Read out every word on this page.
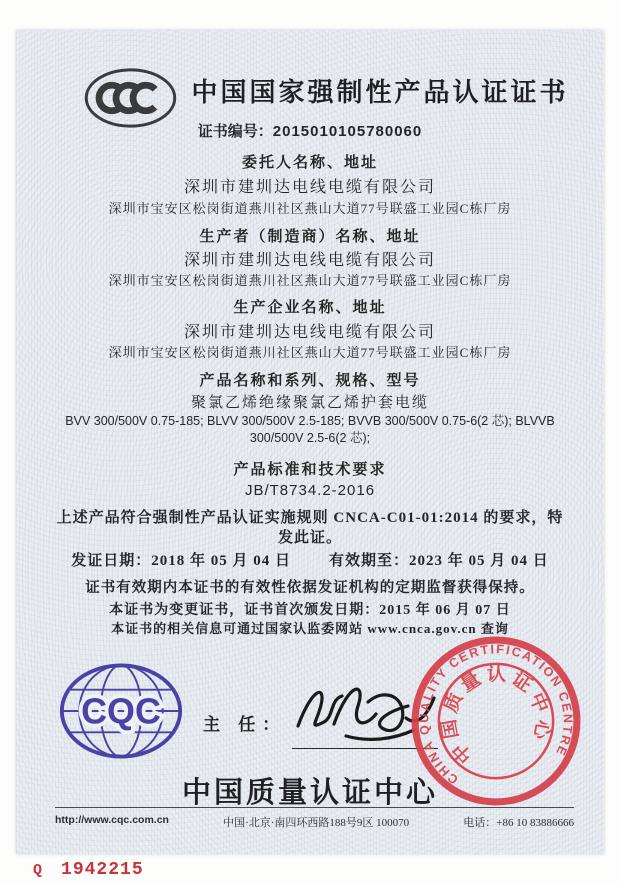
中国国家强制性产品认证证书
证书编号：2015010105780060
委托人名称、地址
深圳市建圳达电线电缆有限公司
深圳市宝安区松岗街道燕川社区燕山大道77号联盛工业园C栋厂房
生产者（制造商）名称、地址
深圳市建圳达电线电缆有限公司
深圳市宝安区松岗街道燕川社区燕山大道77号联盛工业园C栋厂房
生产企业名称、地址
深圳市建圳达电线电缆有限公司
深圳市宝安区松岗街道燕川社区燕山大道77号联盛工业园C栋厂房
产品名称和系列、规格、型号
聚氯乙烯绝缘聚氯乙烯护套电缆
BVV 300/500V 0.75-185; BLVV 300/500V 2.5-185; BVVB 300/500V 0.75-6(2 芯); BLVVB 300/500V 2.5-6(2 芯);
产品标准和技术要求
JB/T8734.2-2016
上述产品符合强制性产品认证实施规则 CNCA-C01-01:2014 的要求，特发此证。
发证日期：2018 年 05 月 04 日	有效期至：2023 年 05 月 04 日
证书有效期内本证书的有效性依据发证机构的定期监督获得保持。
本证书为变更证书，证书首次颁发日期：2015 年 06 月 07 日
本证书的相关信息可通过国家认监委网站 www.cnca.gov.cn 查询
CQC 主 任：
CHINA QUALITY CERTIFICATION CENTRE
中国质量认证中心
中国质量认证中心
http://www.cqc.com.cn	中国·北京·南四环西路188号9区 100070	电话：+86 10 83886666
Q 1942215
